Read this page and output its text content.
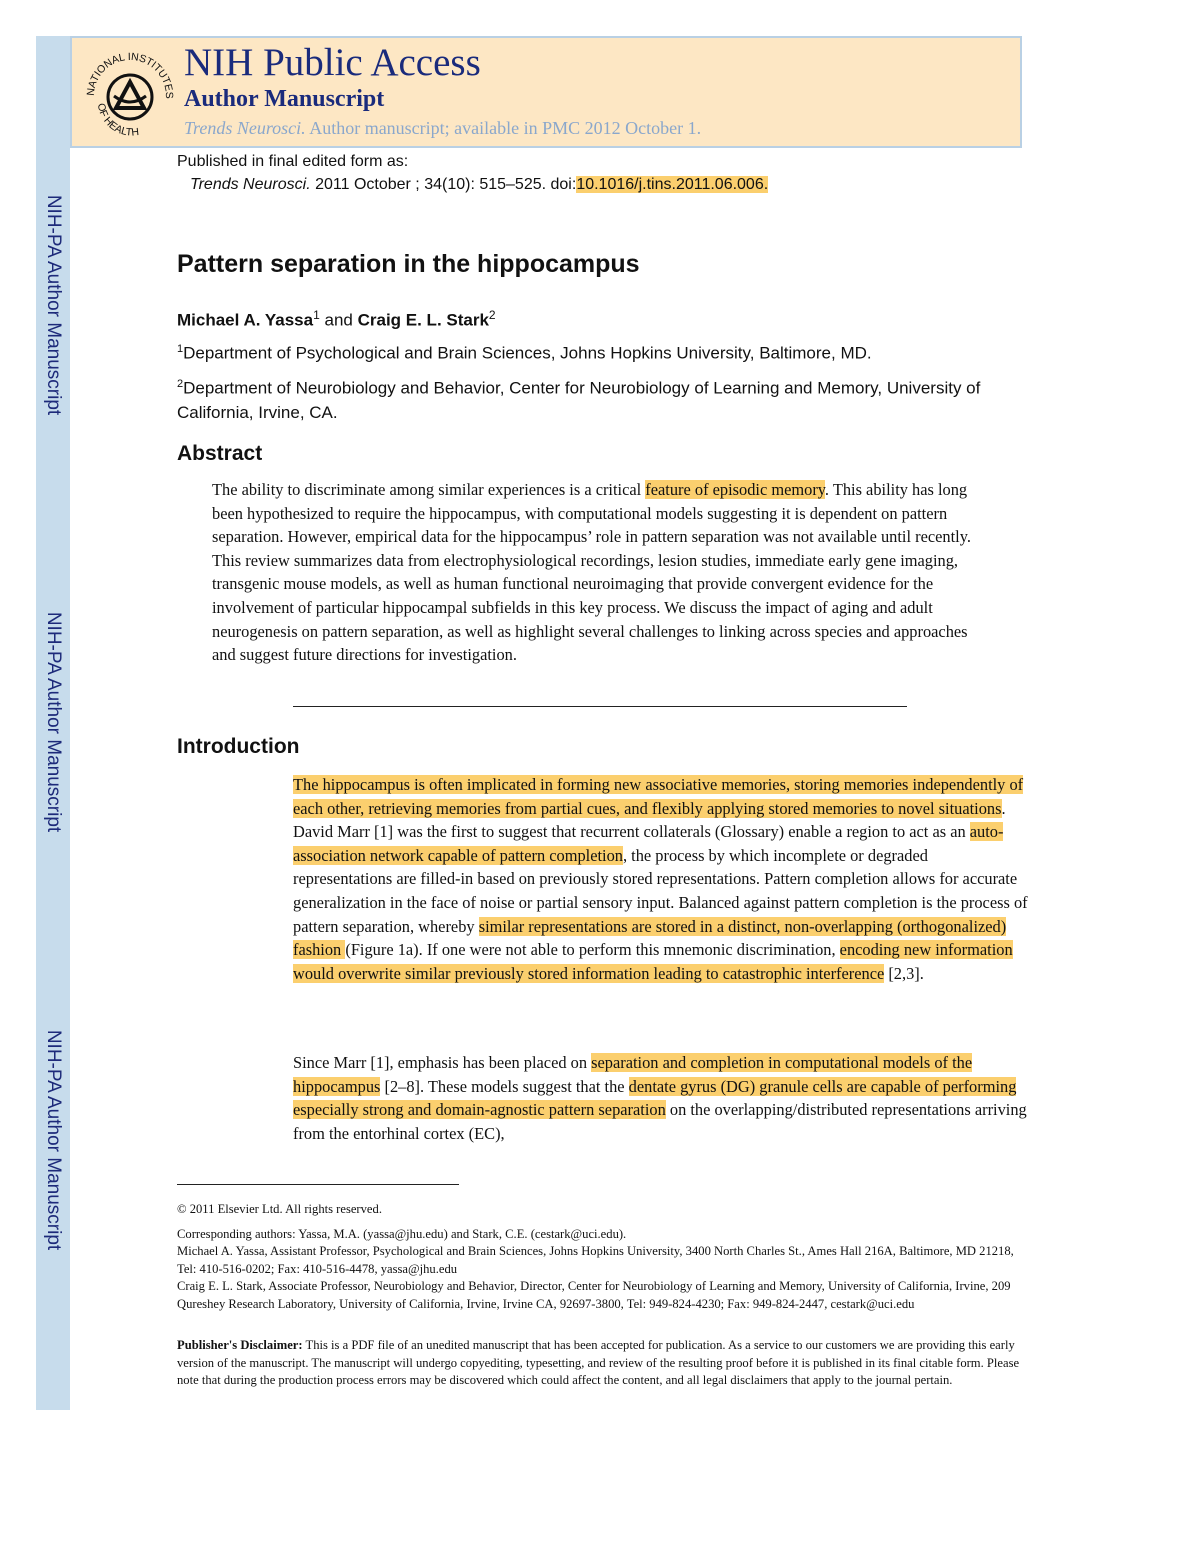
NIH-PA Author Manuscript
NIH-PA Author Manuscript
NIH-PA Author Manuscript
NATIONAL INSTITUTES
OF HEALTH
NIH Public Access
Author Manuscript
Trends Neurosci. Author manuscript; available in PMC 2012 October 1.
Published in final edited form as:
Trends Neurosci. 2011 October ; 34(10): 515–525. doi:10.1016/j.tins.2011.06.006.
Pattern separation in the hippocampus
Michael A. Yassa$^1$ and Craig E. L. Stark$^2$
$^1$Department of Psychological and Brain Sciences, Johns Hopkins University, Baltimore, MD.
$^2$Department of Neurobiology and Behavior, Center for Neurobiology of Learning and Memory, University of California, Irvine, CA.
Abstract
The ability to discriminate among similar experiences is a critical feature of episodic memory. This ability has long been hypothesized to require the hippocampus, with computational models suggesting it is dependent on pattern separation. However, empirical data for the hippocampus’ role in pattern separation was not available until recently. This review summarizes data from electrophysiological recordings, lesion studies, immediate early gene imaging, transgenic mouse models, as well as human functional neuroimaging that provide convergent evidence for the involvement of particular hippocampal subfields in this key process. We discuss the impact of aging and adult neurogenesis on pattern separation, as well as highlight several challenges to linking across species and approaches and suggest future directions for investigation.
Introduction
The hippocampus is often implicated in forming new associative memories, storing memories independently of each other, retrieving memories from partial cues, and flexibly applying stored memories to novel situations. David Marr [1] was the first to suggest that recurrent collaterals (Glossary) enable a region to act as an auto-association network capable of pattern completion, the process by which incomplete or degraded representations are filled-in based on previously stored representations. Pattern completion allows for accurate generalization in the face of noise or partial sensory input. Balanced against pattern completion is the process of pattern separation, whereby similar representations are stored in a distinct, non-overlapping (orthogonalized) fashion (Figure 1a). If one were not able to perform this mnemonic discrimination, encoding new information would overwrite similar previously stored information leading to catastrophic interference [2,3].
Since Marr [1], emphasis has been placed on separation and completion in computational models of the hippocampus [2–8]. These models suggest that the dentate gyrus (DG) granule cells are capable of performing especially strong and domain-agnostic pattern separation on the overlapping/distributed representations arriving from the entorhinal cortex (EC),
© 2011 Elsevier Ltd. All rights reserved.
Corresponding authors: Yassa, M.A. (yassa@jhu.edu) and Stark, C.E. (cestark@uci.edu).
Michael A. Yassa, Assistant Professor, Psychological and Brain Sciences, Johns Hopkins University, 3400 North Charles St., Ames Hall 216A, Baltimore, MD 21218, Tel: 410-516-0202; Fax: 410-516-4478, yassa@jhu.edu
Craig E. L. Stark, Associate Professor, Neurobiology and Behavior, Director, Center for Neurobiology of Learning and Memory, University of California, Irvine, 209 Qureshey Research Laboratory, University of California, Irvine, Irvine CA, 92697-3800, Tel: 949-824-4230; Fax: 949-824-2447, cestark@uci.edu
Publisher's Disclaimer: This is a PDF file of an unedited manuscript that has been accepted for publication. As a service to our customers we are providing this early version of the manuscript. The manuscript will undergo copyediting, typesetting, and review of the resulting proof before it is published in its final citable form. Please note that during the production process errors may be discovered which could affect the content, and all legal disclaimers that apply to the journal pertain.
